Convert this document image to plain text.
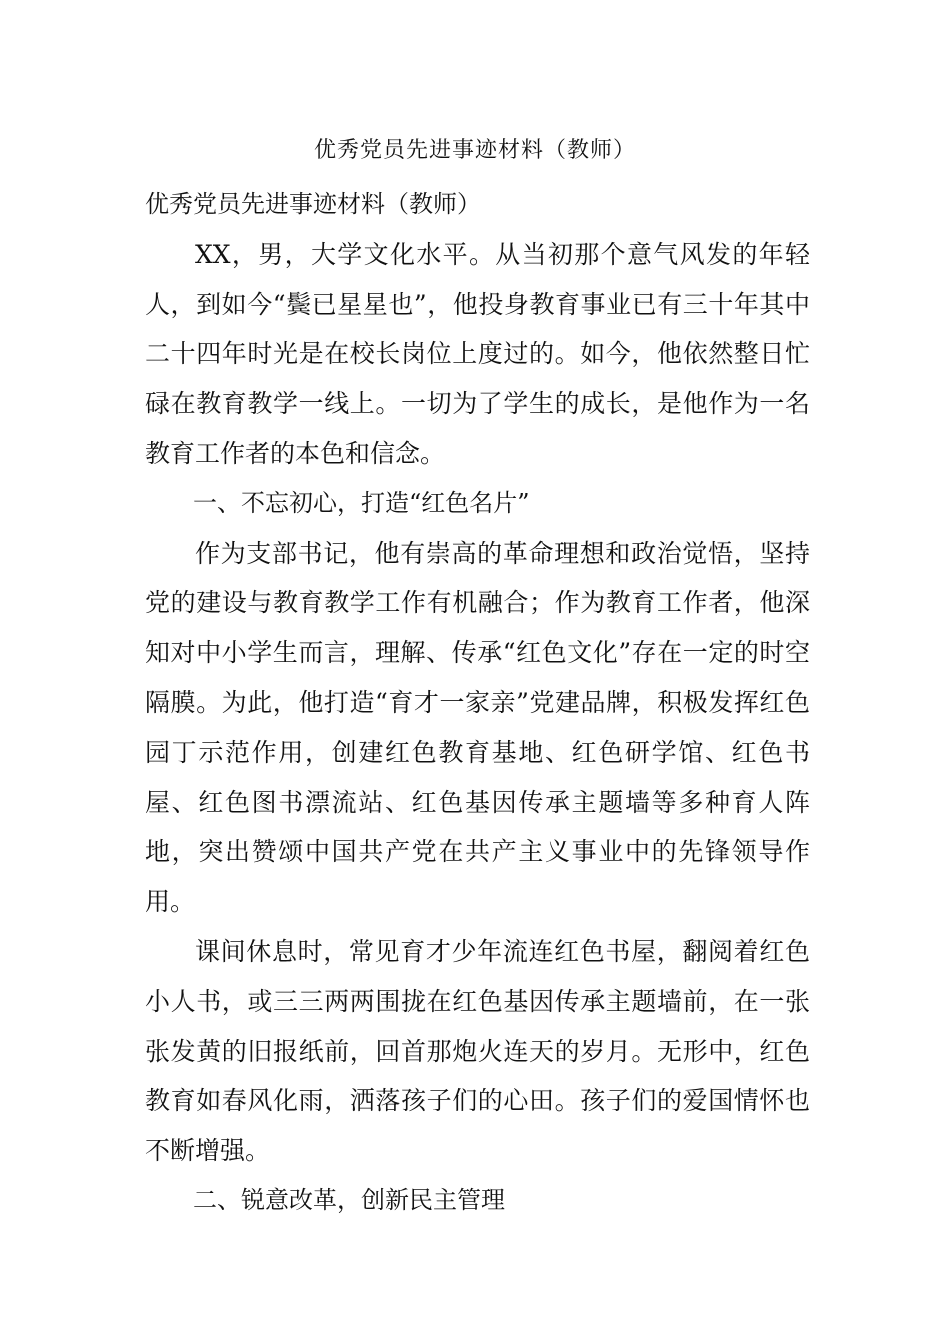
优秀党员先进事迹材料（教师）

优秀党员先进事迹材料（教师）

XX，男，大学文化水平。从当初那个意气风发的年轻人，到如今“鬓已星星也”，他投身教育事业已有三十年其中二十四年时光是在校长岗位上度过的。如今，他依然整日忙碌在教育教学一线上。一切为了学生的成长，是他作为一名教育工作者的本色和信念。

一、不忘初心，打造“红色名片”

作为支部书记，他有崇高的革命理想和政治觉悟，坚持党的建设与教育教学工作有机融合；作为教育工作者，他深知对中小学生而言，理解、传承“红色文化”存在一定的时空隔膜。为此，他打造“育才一家亲”党建品牌，积极发挥红色园丁示范作用，创建红色教育基地、红色研学馆、红色书屋、红色图书漂流站、红色基因传承主题墙等多种育人阵地，突出赞颂中国共产党在共产主义事业中的先锋领导作用。

课间休息时，常见育才少年流连红色书屋，翻阅着红色小人书，或三三两两围拢在红色基因传承主题墙前，在一张张发黄的旧报纸前，回首那炮火连天的岁月。无形中，红色教育如春风化雨，洒落孩子们的心田。孩子们的爱国情怀也不断增强。

二、锐意改革，创新民主管理
